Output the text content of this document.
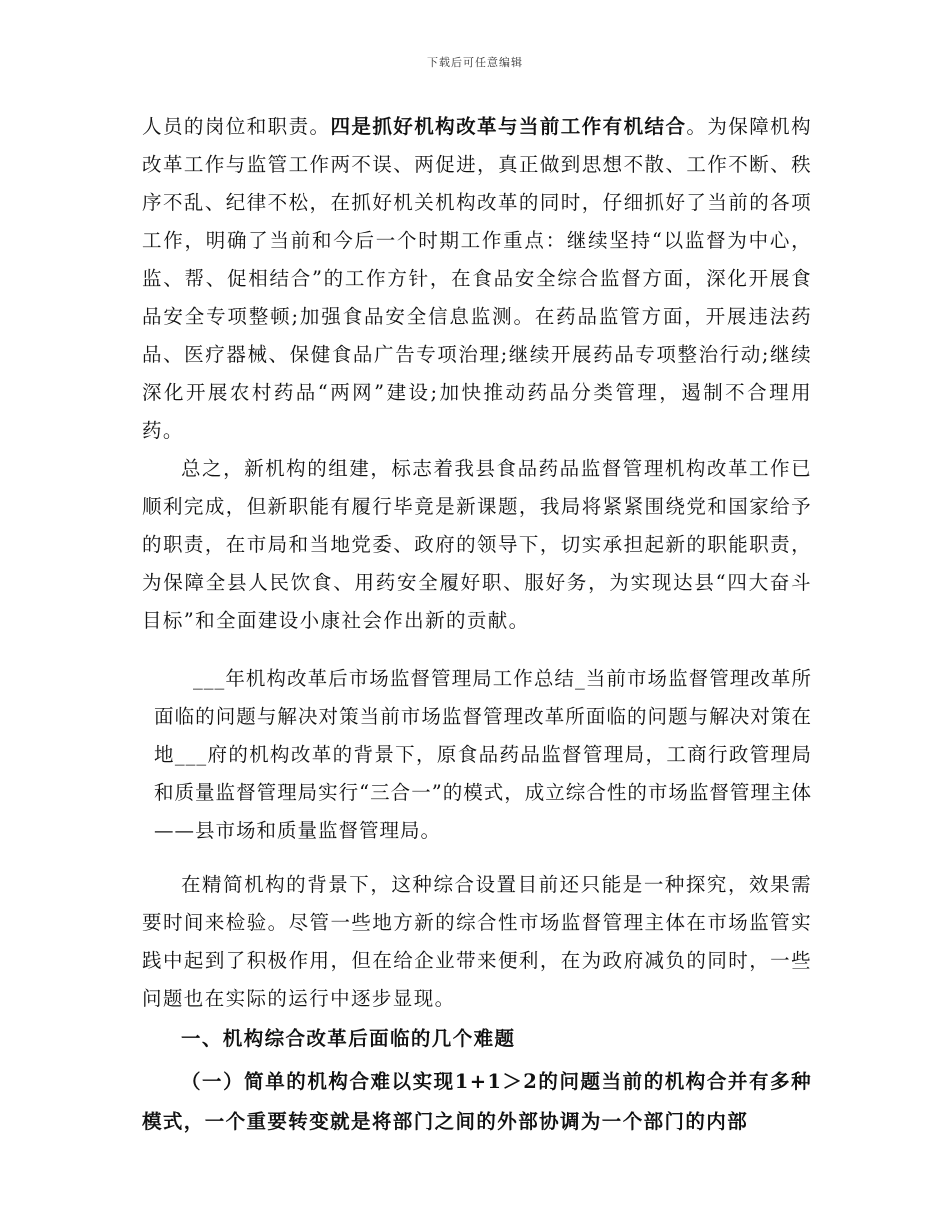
下载后可任意编辑

人员的岗位和职责。四是抓好机构改革与当前工作有机结合。为保障机构改革工作与监管工作两不误、两促进，真正做到思想不散、工作不断、秩序不乱、纪律不松，在抓好机关机构改革的同时，仔细抓好了当前的各项工作，明确了当前和今后一个时期工作重点：继续坚持“以监督为中心，监、帮、促相结合”的工作方针，在食品安全综合监督方面，深化开展食品安全专项整顿;加强食品安全信息监测。在药品监管方面，开展违法药品、医疗器械、保健食品广告专项治理;继续开展药品专项整治行动;继续深化开展农村药品“两网”建设;加快推动药品分类管理，遏制不合理用药。

总之，新机构的组建，标志着我县食品药品监督管理机构改革工作已顺利完成，但新职能有履行毕竟是新课题，我局将紧紧围绕党和国家给予的职责，在市局和当地党委、政府的领导下，切实承担起新的职能职责，为保障全县人民饮食、用药安全履好职、服好务，为实现达县“四大奋斗目标”和全面建设小康社会作出新的贡献。

___年机构改革后市场监督管理局工作总结_当前市场监督管理改革所面临的问题与解决对策当前市场监督管理改革所面临的问题与解决对策在地___府的机构改革的背景下，原食品药品监督管理局，工商行政管理局和质量监督管理局实行“三合一”的模式，成立综合性的市场监督管理主体——县市场和质量监督管理局。

在精简机构的背景下，这种综合设置目前还只能是一种探究，效果需要时间来检验。尽管一些地方新的综合性市场监督管理主体在市场监管实践中起到了积极作用，但在给企业带来便利，在为政府减负的同时，一些问题也在实际的运行中逐步显现。

一、机构综合改革后面临的几个难题

（一）简单的机构合难以实现1+1＞2的问题当前的机构合并有多种模式，一个重要转变就是将部门之间的外部协调为一个部门的内部
